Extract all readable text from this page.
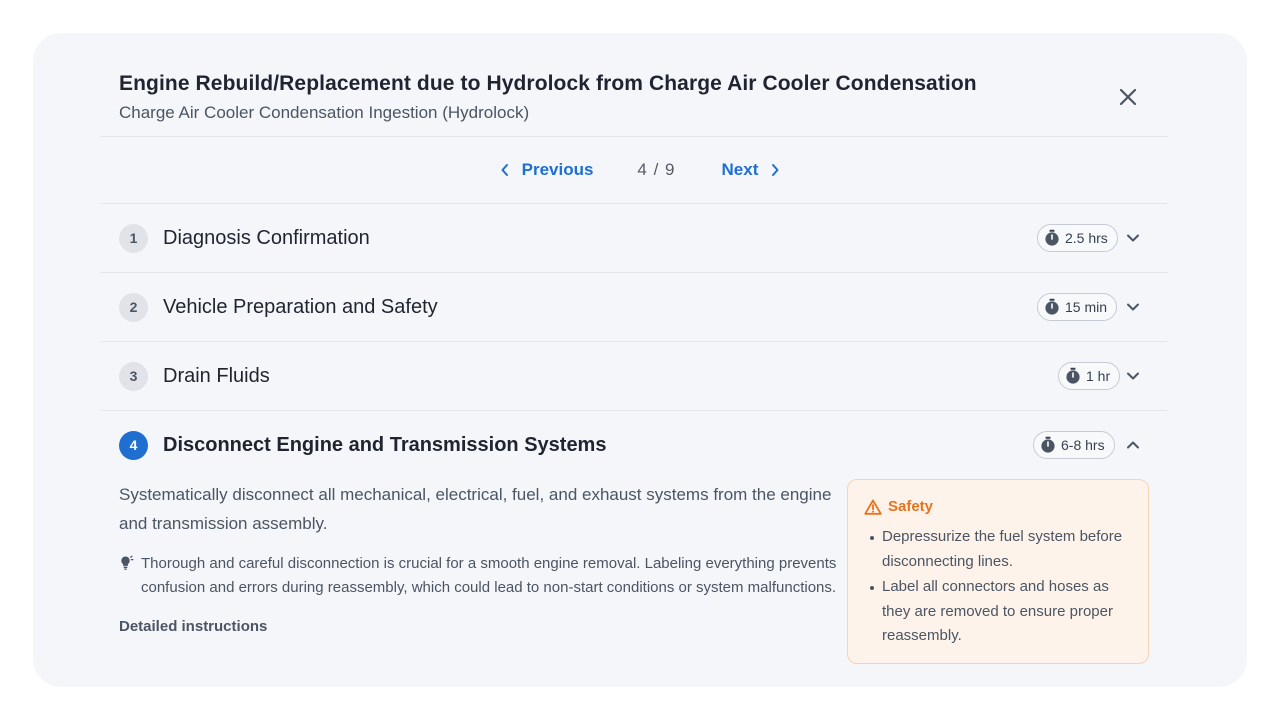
Engine Rebuild/Replacement due to Hydrolock from Charge Air Cooler Condensation
Charge Air Cooler Condensation Ingestion (Hydrolock)
Previous	4 / 9	Next
1	Diagnosis Confirmation	2.5 hrs
2	Vehicle Preparation and Safety	15 min
3	Drain Fluids	1 hr
4	Disconnect Engine and Transmission Systems	6-8 hrs

Systematically disconnect all mechanical, electrical, fuel, and exhaust systems from the engine and transmission assembly.

Thorough and careful disconnection is crucial for a smooth engine removal. Labeling everything prevents confusion and errors during reassembly, which could lead to non-start conditions or system malfunctions.
Detailed instructions
Safety
Depressurize the fuel system before disconnecting lines.
Label all connectors and hoses as they are removed to ensure proper reassembly.
